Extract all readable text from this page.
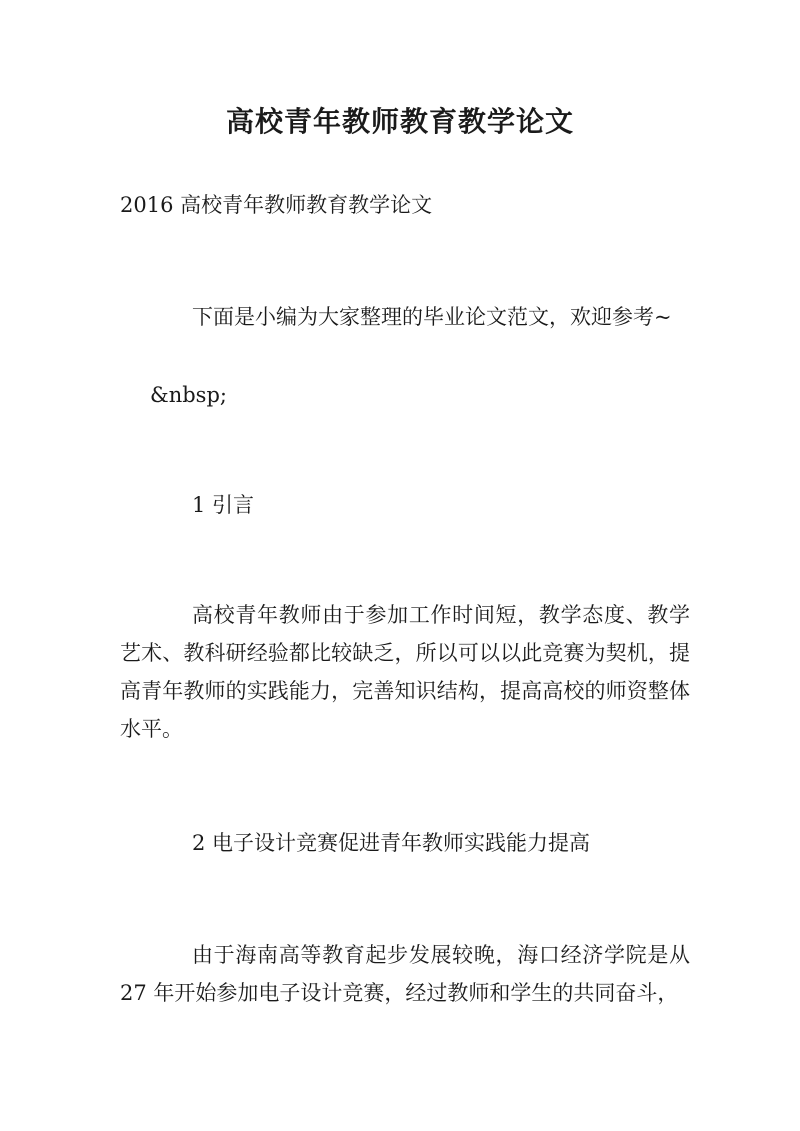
高校青年教师教育教学论文

2016 高校青年教师教育教学论文

下面是小编为大家整理的毕业论文范文，欢迎参考~

&nbsp;

1 引言

高校青年教师由于参加工作时间短，教学态度、教学艺术、教科研经验都比较缺乏，所以可以以此竞赛为契机，提高青年教师的实践能力，完善知识结构，提高高校的师资整体水平。

2 电子设计竞赛促进青年教师实践能力提高

由于海南高等教育起步发展较晚，海口经济学院是从 27 年开始参加电子设计竞赛，经过教师和学生的共同奋斗，
